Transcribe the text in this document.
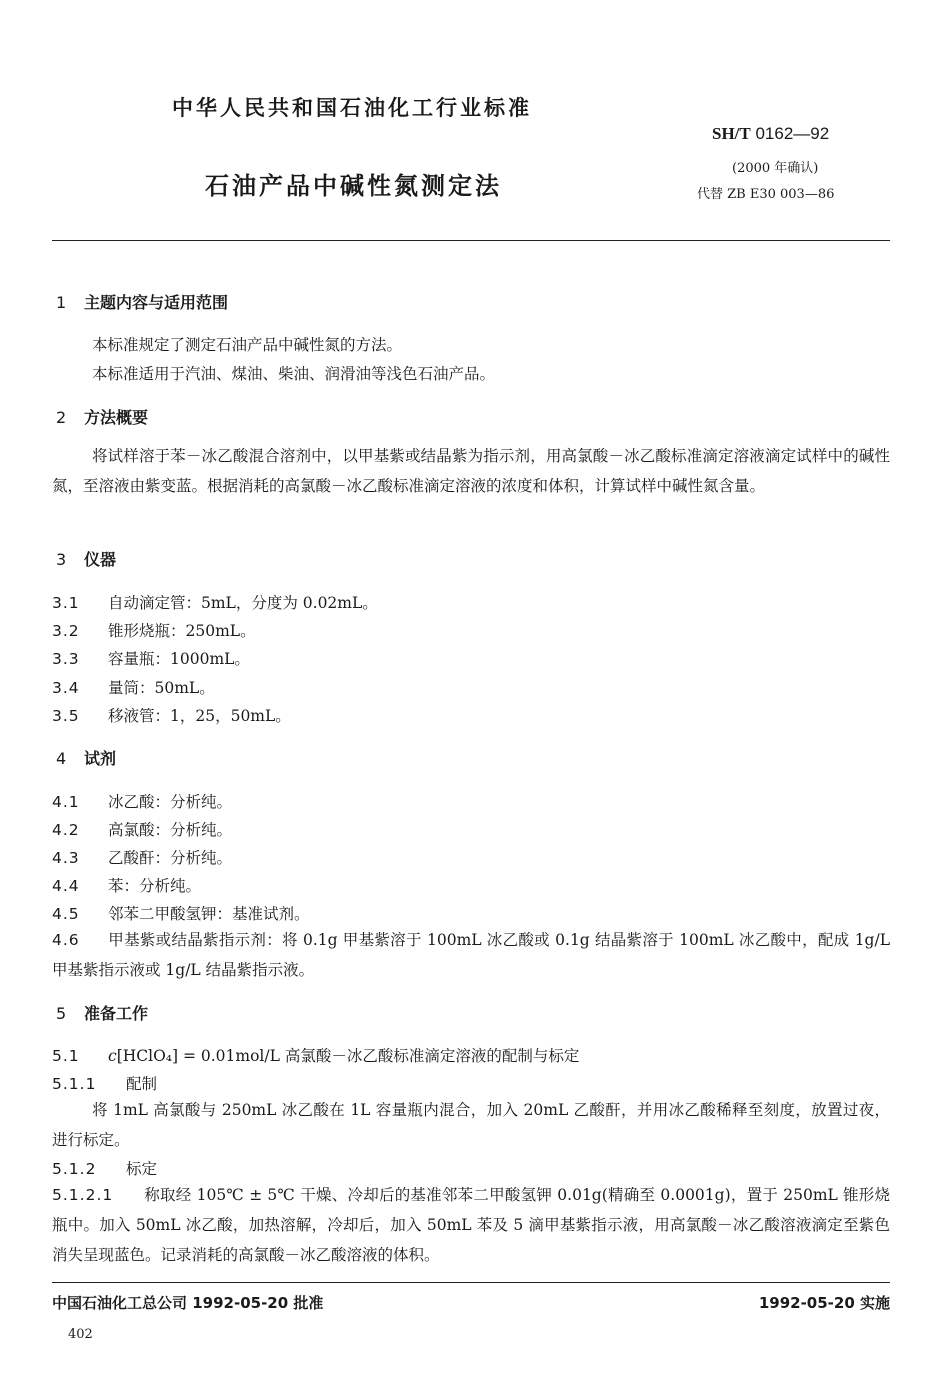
中华人民共和国石油化工行业标准
SH/T 0162—92
(2000 年确认)
石油产品中碱性氮测定法	代替 ZB E30 003—86
1 主题内容与适用范围
本标准规定了测定石油产品中碱性氮的方法。
本标准适用于汽油、煤油、柴油、润滑油等浅色石油产品。
2 方法概要
将试样溶于苯－冰乙酸混合溶剂中，以甲基紫或结晶紫为指示剂，用高氯酸－冰乙酸标准滴定溶液滴定试样中的碱性氮，至溶液由紫变蓝。根据消耗的高氯酸－冰乙酸标准滴定溶液的浓度和体积，计算试样中碱性氮含量。
3 仪器
3.1 自动滴定管：5mL，分度为 0.02mL。
3.2 锥形烧瓶：250mL。
3.3 容量瓶：1000mL。
3.4 量筒：50mL。
3.5 移液管：1，25，50mL。
4 试剂
4.1 冰乙酸：分析纯。
4.2 高氯酸：分析纯。
4.3 乙酸酐：分析纯。
4.4 苯：分析纯。
4.5 邻苯二甲酸氢钾：基准试剂。
4.6 甲基紫或结晶紫指示剂：将 0.1g 甲基紫溶于 100mL 冰乙酸或 0.1g 结晶紫溶于 100mL 冰乙酸中，配成 1g/L 甲基紫指示液或 1g/L 结晶紫指示液。
5 准备工作
5.1 c[HClO₄] = 0.01mol/L 高氯酸－冰乙酸标准滴定溶液的配制与标定
5.1.1 配制
将 1mL 高氯酸与 250mL 冰乙酸在 1L 容量瓶内混合，加入 20mL 乙酸酐，并用冰乙酸稀释至刻度，放置过夜，进行标定。
5.1.2 标定
5.1.2.1 称取经 105℃ ± 5℃ 干燥、冷却后的基准邻苯二甲酸氢钾 0.01g(精确至 0.0001g)，置于 250mL 锥形烧瓶中。加入 50mL 冰乙酸，加热溶解，冷却后，加入 50mL 苯及 5 滴甲基紫指示液，用高氯酸－冰乙酸溶液滴定至紫色消失呈现蓝色。记录消耗的高氯酸－冰乙酸溶液的体积。
中国石油化工总公司 1992-05-20 批准	1992-05-20 实施
402
